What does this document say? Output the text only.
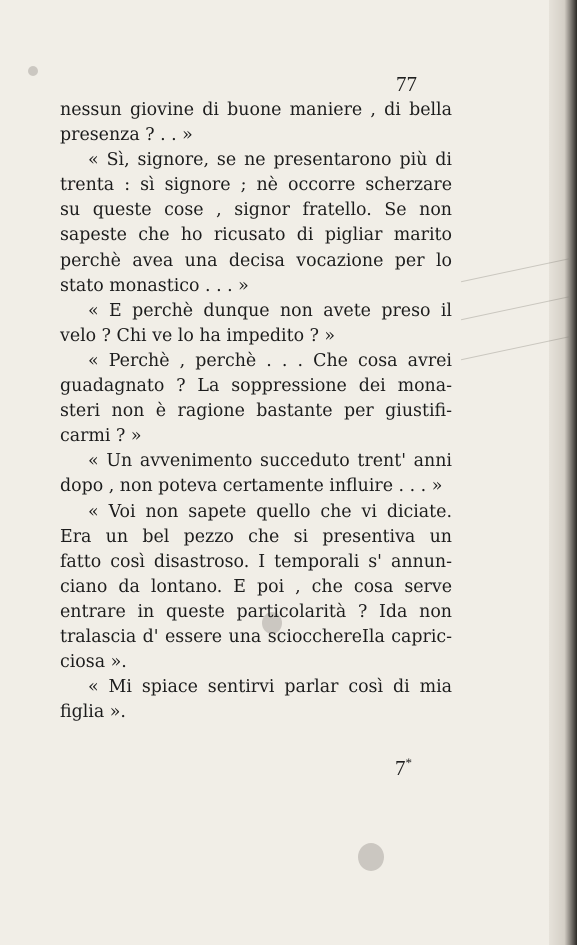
77
nessun giovine di buone maniere , di bella
presenza ? . . »
« Sì, signore, se ne presentarono più di
trenta : sì signore ; nè occorre scherzare
su queste cose , signor fratello. Se non
sapeste che ho ricusato di pigliar marito
perchè avea una decisa vocazione per lo
stato monastico . . . »
« E perchè dunque non avete preso il
velo ? Chi ve lo ha impedito ? »
« Perchè , perchè . . . Che cosa avrei
guadagnato ? La soppressione dei mona-
steri non è ragione bastante per giustifi-
carmi ? »
« Un avvenimento succeduto trent' anni
dopo , non poteva certamente influire . . . »
« Voi non sapete quello che vi diciate.
Era un bel pezzo che si presentiva un
fatto così disastroso. I temporali s' annun-
ciano da lontano. E poi , che cosa serve
entrare in queste particolarità ? Ida non
tralascia d' essere una sciocchereIla capric-
ciosa ».
« Mi spiace sentirvi parlar così di mia
figlia ».
7*
